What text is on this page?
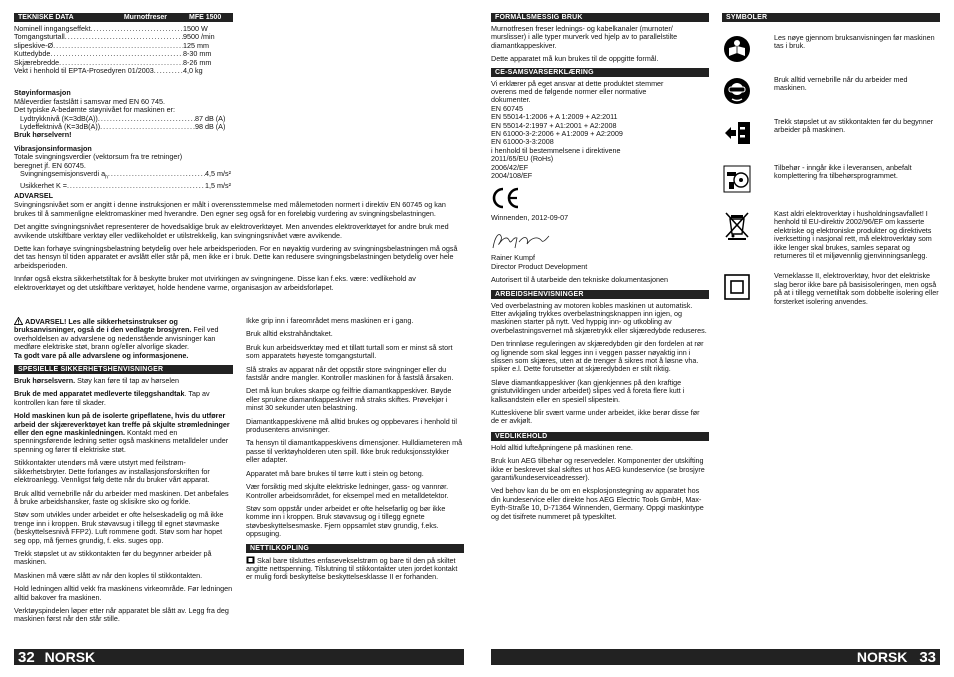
TEKNISKE DATA	Murnotfreser	MFE 1500
Nominell inngangseffekt .....	1500 W
Tomgangsturtall .....	9500 /min
slipeskive-Ø .....	125 mm
Kuttedybde .....	8-30 mm
Skjærebredde .....	8-26 mm
Vekt i henhold til EPTA-Prosedyren 01/2003 .....	4,0 kg
Støyinformasjon
Måleverdier fastslått i samsvar med EN 60 745.
Det typiske A-bedømte støynivået for maskinen er:
Lydtrykknivå (K=3dB(A)) .....	87 dB (A)
Lydeffektnivå (K=3dB(A)) .....	98 dB (A)
Bruk hørselvern!
Vibrasjonsinformasjon
Totale svingningsverdier (vektorsum fra tre retninger)
beregnet jf. EN 60745.
Svingningsemisjonsverdi $a_h$ .....	4,5 m/s²
Usikkerhet K = .....	1,5 m/s²
ADVARSEL
Svingningsnivået som er angitt i denne instruksjonen er målt i overensstemmelse med målemetoden normert i direktiv EN 60745 og kan brukes til å sammenligne elektromaskiner med hverandre. Den egner seg også for en foreløbig vurdering av svingningsbelastningen.
Det angitte svingningsnivået representerer de hovedsaklige bruk av elektroverktøyet. Men anvendes elektroverktøyet for andre bruk med avvikende utskiftbare verktøy eller vedlikeholdet er utilstrekkelig, kan svingningsnivået være avvikende.
Dette kan forhøye svingningsbelastning betydelig over hele arbeidsperioden. For en nøyaktig vurdering av svingningsbelastningen må også det tas hensyn til tiden apparatet er avslått eller står på, men ikke er i bruk. Dette kan redusere svingningsbelastningen betydelig over hele arbeidsperioden.
Innfør også ekstra sikkerhetstiltak for å beskytte bruker mot utvirkingen av svingningene. Disse kan f.eks. være: vedlikehold av elektroverktøyet og det utskiftbare verktøyet, holde hendene varme, organisasjon av arbeidsforløpet.
ADVARSEL! Les alle sikkerhetsinstrukser og bruksanvisninger, også de i den vedlagte brosjyren. Feil ved overholdelsen av advarslene og nedenstående anvisninger kan medføre elektriske støt, brann og/eller alvorlige skader.
Ta godt vare på alle advarslene og informasjonene.
SPESIELLE SIKKERHETSHENVISNINGER
Bruk hørselsvern. Støy kan føre til tap av hørselen
Bruk de med apparatet medleverte tileggshandtak. Tap av kontrollen kan føre til skader.
Hold maskinen kun på de isolerte gripeflatene, hvis du utfører arbeid der skjæreverktøyet kan treffe på skjulte strømledninger eller den egne maskinledningen. Kontakt med en spenningsførende ledning setter også maskinens metalldeler under spenning og fører til elektriske støt.
Stikkontakter utendørs må være utstyrt med feilstrøm-sikkerhetsbryter. Dette forlanges av installasjonsforskriften for elektroanlegg. Vennligst følg dette når du bruker vårt apparat.
Bruk alltid vernebrille når du arbeider med maskinen. Det anbefales å bruke arbeidshansker, faste og sklisikre sko og forkle.
Støv som utvikles under arbeidet er ofte helseskadelig og må ikke trenge inn i kroppen. Bruk støvavsug i tillegg til egnet støvmaske (beskyttelsesnivå FFP2). Luft rommene godt. Støv som har hopet seg opp, må fjernes grundig, f. eks. suges opp.
Trekk støpslet ut av stikkontakten før du begynner arbeider på maskinen.
Maskinen må være slått av når den koples til stikkontakten.
Hold ledningen alltid vekk fra maskinens virkeområde. Før ledningen alltid bakover fra maskinen.
Verktøyspindelen løper etter når apparatet ble slått av. Legg fra deg maskinen først når den står stille.
Ikke grip inn i fareområdet mens maskinen er i gang.
Bruk alltid ekstrahåndtaket.
Bruk kun arbeidsverktøy med et tillatt turtall som er minst så stort som apparatets høyeste tomgangsturtall.
Slå straks av apparat når det oppstår store svingninger eller du fastslår andre mangler. Kontroller maskinen for å fastslå årsaken.
Det må kun brukes skarpe og feilfrie diamantkappeskiver. Bøyde eller sprukne diamantkappeskiver må straks skiftes. Prøvekjør i minst 30 sekunder uten belastning.
Diamantkappeskivene må alltid brukes og oppbevares i henhold til produsentens anvisninger.
Ta hensyn til diamantkappeskivens dimensjoner. Hulldiameteren må passe til verktøyholderen uten spill. Ikke bruk reduksjonsstykker eller adapter.
Apparatet må bare brukes til tørre kutt i stein og betong.
Vær forsiktig med skjulte elektriske ledninger, gass- og vannrør. Kontroller arbeidsområdet, for eksempel med en metalldetektor.
Støv som oppstår under arbeidet er ofte helsefarlig og bør ikke komme inn i kroppen. Bruk støvavsug og i tillegg egnete støvbeskyttelsesmaske. Fjern oppsamlet støv grundig, f.eks. oppsuging.
NETTILKOPLING
Skal bare tilsluttes enfasevekselstrøm og bare til den på skiltet angitte nettspenning. Tilslutning til stikkontakter uten jordet kontakt er mulig fordi beskyttelse beskyttelsesklasse II er forhanden.
32 NORSK
FORMÅLSMESSIG BRUK
Murnotfresen freser lednings- og kabelkanaler (murnoter/ murslisser) i alle typer murverk ved hjelp av to parallelstilte diamantkappeskiver.
Dette apparatet må kun brukes til de oppgitte formål.
CE-SAMSVARSERKLÆRING
Vi erklærer på eget ansvar at dette produktet stemmer
overens med de følgende normer eller normative
dokumenter.
EN 60745
EN 55014-1:2006 + A 1:2009 + A2:2011
EN 55014-2:1997 + A1:2001 + A2:2008
EN 61000-3-2:2006 + A1:2009 + A2:2009
EN 61000-3-3:2008
i henhold til bestemmelsene i direktivene
2011/65/EU (RoHs)
2006/42/EF
2004/108/EF
Winnenden, 2012-09-07
Rainer Kumpf
Director Product Development
Autorisert til å utarbeide den tekniske dokumentasjonen
ARBEIDSHENVISNINGER
Ved overbelastning av motoren kobles maskinen ut automatisk. Etter avkjøling trykkes overbelastningsknappen inn igjen, og maskinen starter på nytt. Ved hyppig inn- og utkobling av overbelastningsvernet må skjæretrykk eller skjæredybde reduseres.
Den trinnløse reguleringen av skjæredybden gir den fordelen at rør og lignende som skal legges inn i veggen passer nøyaktig inn i slissen som skjæres, uten at de trenger å sikres mot å løsne vha. spiker e.l. Dette forutsetter at skjæredybden er stilt riktig.
Sløve diamantkappeskiver (kan gjenkjennes på den kraftige gnistutviklingen under arbeidet) slipes ved å foreta flere kutt i kalksandstein eller en spesiell slipestein.
Kutteskivene blir svært varme under arbeidet, ikke berør disse før de er avkjølt.
VEDLIKEHOLD
Hold alltid lufteåpningene på maskinen rene.
Bruk kun AEG tilbehør og reservedeler. Komponenter der utskifting ikke er beskrevet skal skiftes ut hos AEG kundeservice (se brosjyre garanti/kundeserviceadresser).
Ved behov kan du be om en eksplosjonstegning av apparatet hos din kundeservice eller direkte hos AEG Electric Tools GmbH, Max-Eyth-Straße 10, D-71364 Winnenden, Germany. Oppgi maskintype og det tisifrete nummeret på typeskiltet.
SYMBOLER
Les nøye gjennom bruksanvisningen før maskinen tas i bruk.
Bruk alltid vernebrille når du arbeider med maskinen.
Trekk støpslet ut av stikkontakten før du begynner arbeider på maskinen.
Tilbehør - inngår ikke i leveransen, anbefalt komplettering fra tilbehørsprogrammet.
Kast aldri elektroverktøy i husholdningsavfallet! I henhold til EU-direktiv 2002/96/EF om kasserte elektriske og elektroniske produkter og direktivets iverksetting i nasjonal rett, må elektroverktøy som ikke lenger skal brukes, samles separat og returneres til et miljøvennlig gjenvinningsanlegg.
Verneklasse II, elektroverktøy, hvor det elektriske slag beror ikke bare på basisisoleringen, men også på at i tillegg vernetiltak som dobbelte isolering eller forsterket isolering anvendes.
NORSK 33
